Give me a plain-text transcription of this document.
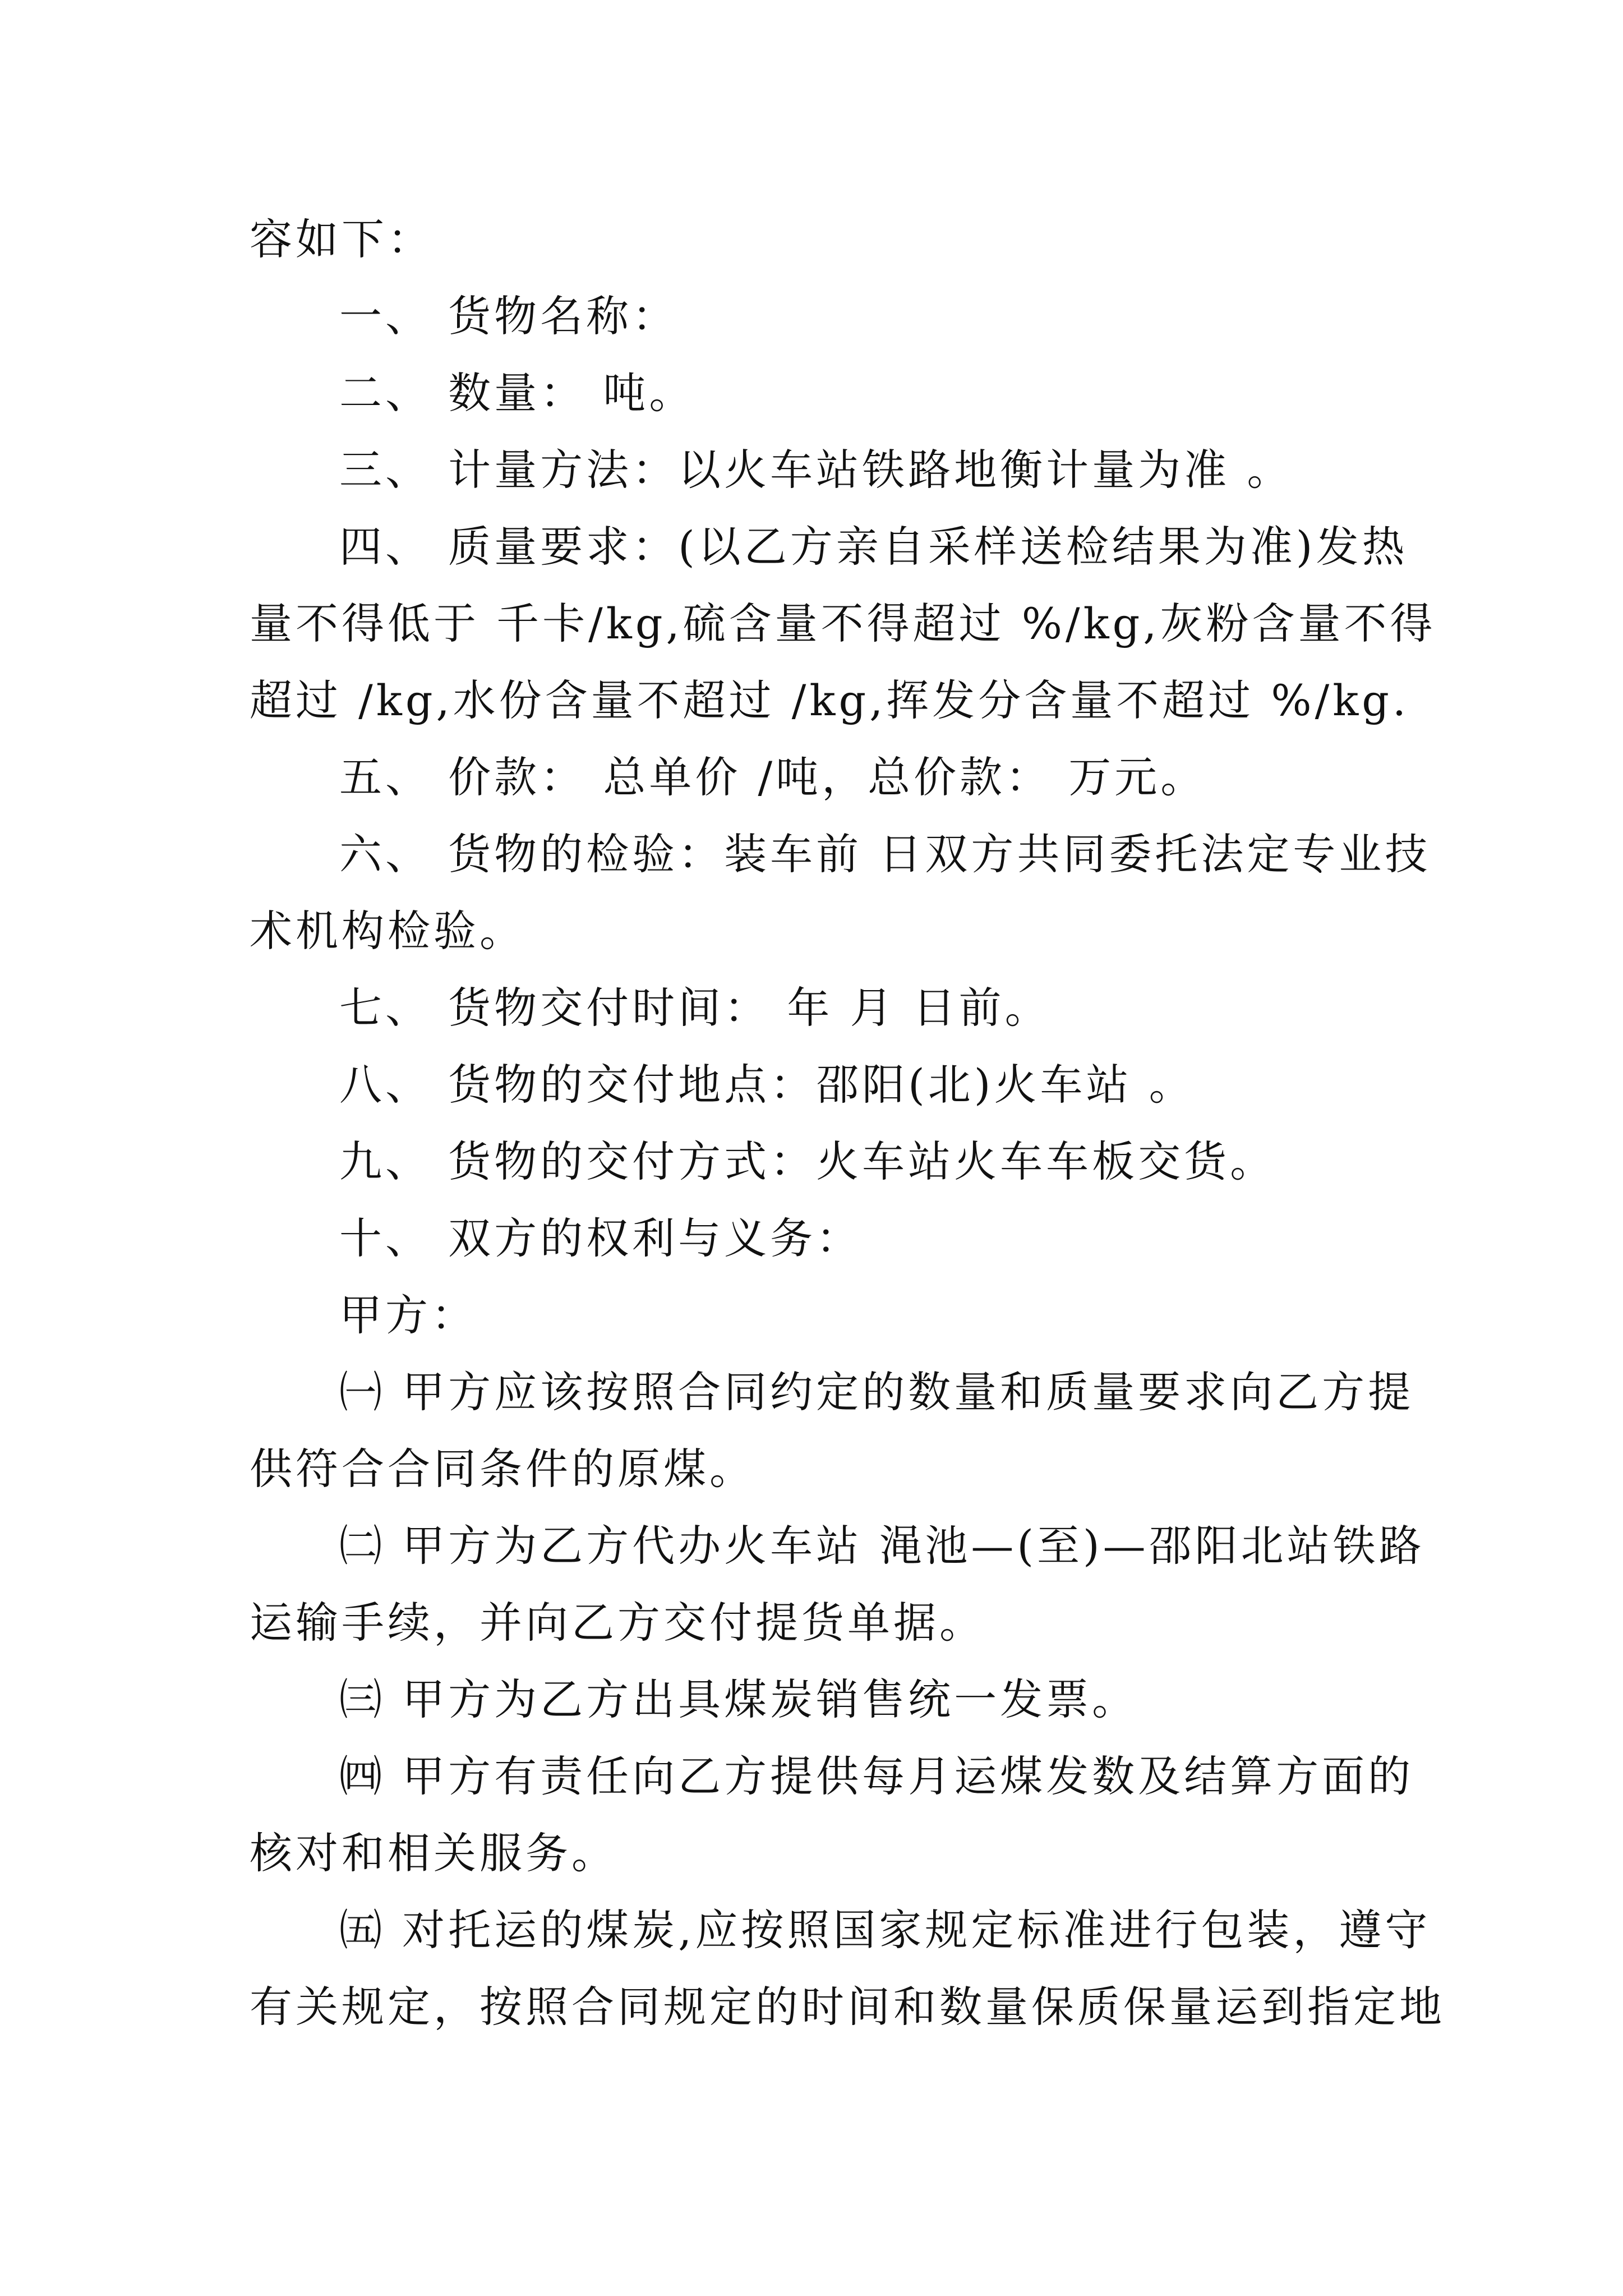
容如下：
一、 货物名称：
二、 数量： 吨。
三、 计量方法：以火车站铁路地衡计量为准 。
四、 质量要求：(以乙方亲自采样送检结果为准)发热
量不得低于 千卡/kg,硫含量不得超过 %/kg,灰粉含量不得
超过 /kg,水份含量不超过 /kg,挥发分含量不超过 %/kg.
五、 价款： 总单价 /吨，总价款： 万元。
六、 货物的检验：装车前 日双方共同委托法定专业技
术机构检验。
七、 货物交付时间： 年 月 日前。
八、 货物的交付地点：邵阳(北)火车站 。
九、 货物的交付方式：火车站火车车板交货。
十、 双方的权利与义务：
甲方：
㈠ 甲方应该按照合同约定的数量和质量要求向乙方提
供符合合同条件的原煤。
㈡ 甲方为乙方代办火车站 渑池—(至)—邵阳北站铁路
运输手续，并向乙方交付提货单据。
㈢ 甲方为乙方出具煤炭销售统一发票。
㈣ 甲方有责任向乙方提供每月运煤发数及结算方面的
核对和相关服务。
㈤ 对托运的煤炭,应按照国家规定标准进行包装，遵守
有关规定，按照合同规定的时间和数量保质保量运到指定地
